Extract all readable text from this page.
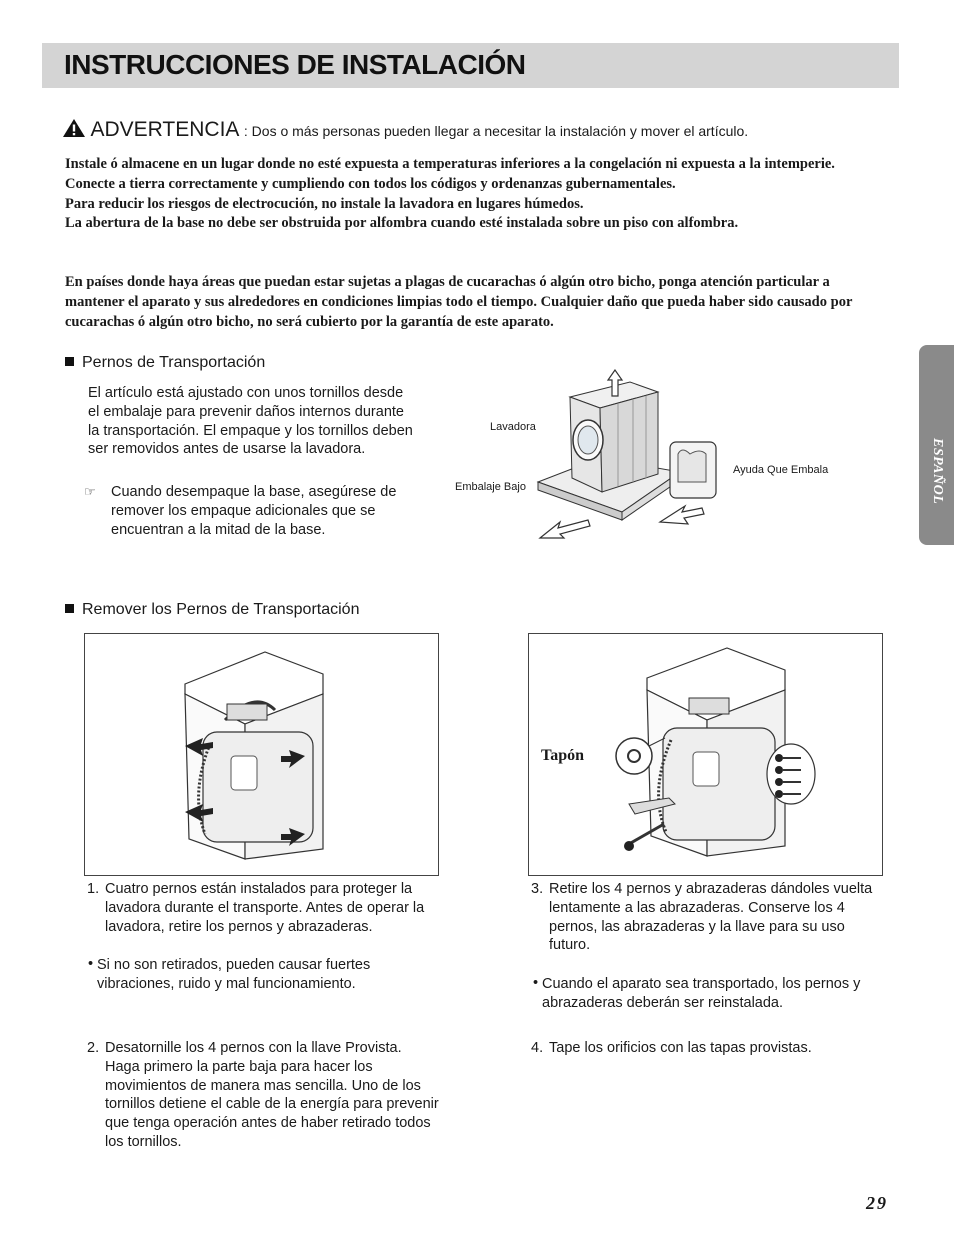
INSTRUCCIONES DE INSTALACIÓN
ESPAÑOL
ADVERTENCIA : Dos o más personas pueden llegar a necesitar la instalación y mover el artículo.

Instale ó almacene en un lugar donde no esté expuesta a temperaturas inferiores a la congelación ni expuesta a la intemperie.

Conecte a tierra correctamente y cumpliendo con todos los códigos y ordenanzas gubernamentales.

Para reducir los riesgos de electrocución, no instale la lavadora en lugares húmedos.

La abertura de la base no debe ser obstruida por alfombra cuando esté instalada sobre un piso con alfombra.

En países donde haya áreas que puedan estar sujetas a plagas de cucarachas ó algún otro bicho, ponga atención particular a mantener el aparato y sus alrededores en condiciones limpias todo el tiempo. Cualquier daño que pueda haber sido causado por cucarachas ó algún otro bicho, no será cubierto por la garantía de este aparato.

Pernos de Transportación
El artículo está ajustado con unos tornillos desde el embalaje para prevenir daños internos durante la transportación. El empaque y los tornillos deben ser removidos antes de usarse la lavadora.
☞ Cuando desempaque la base, asegúrese de remover los empaque adicionales que se encuentran a la mitad de la base.
Lavadora
Embalaje Bajo
Ayuda Que Embala
Remover los Pernos de Transportación
Tapón
1. Cuatro pernos están instalados para proteger la lavadora durante el transporte. Antes de operar la lavadora, retire los pernos y abrazaderas.
• Si no son retirados, pueden causar fuertes vibraciones, ruido y mal funcionamiento.
2. Desatornille los 4 pernos con la llave Provista. Haga primero la parte baja para hacer los movimientos de manera mas sencilla. Uno de los tornillos detiene el cable de la energía para prevenir que tenga operación antes de haber retirado todos los tornillos.
3. Retire los 4 pernos y abrazaderas dándoles vuelta lentamente a las abrazaderas. Conserve los 4 pernos, las abrazaderas y la llave para su uso futuro.
• Cuando el aparato sea transportado, los pernos y abrazaderas deberán ser reinstalada.
4. Tape los orificios con las tapas provistas.
29
